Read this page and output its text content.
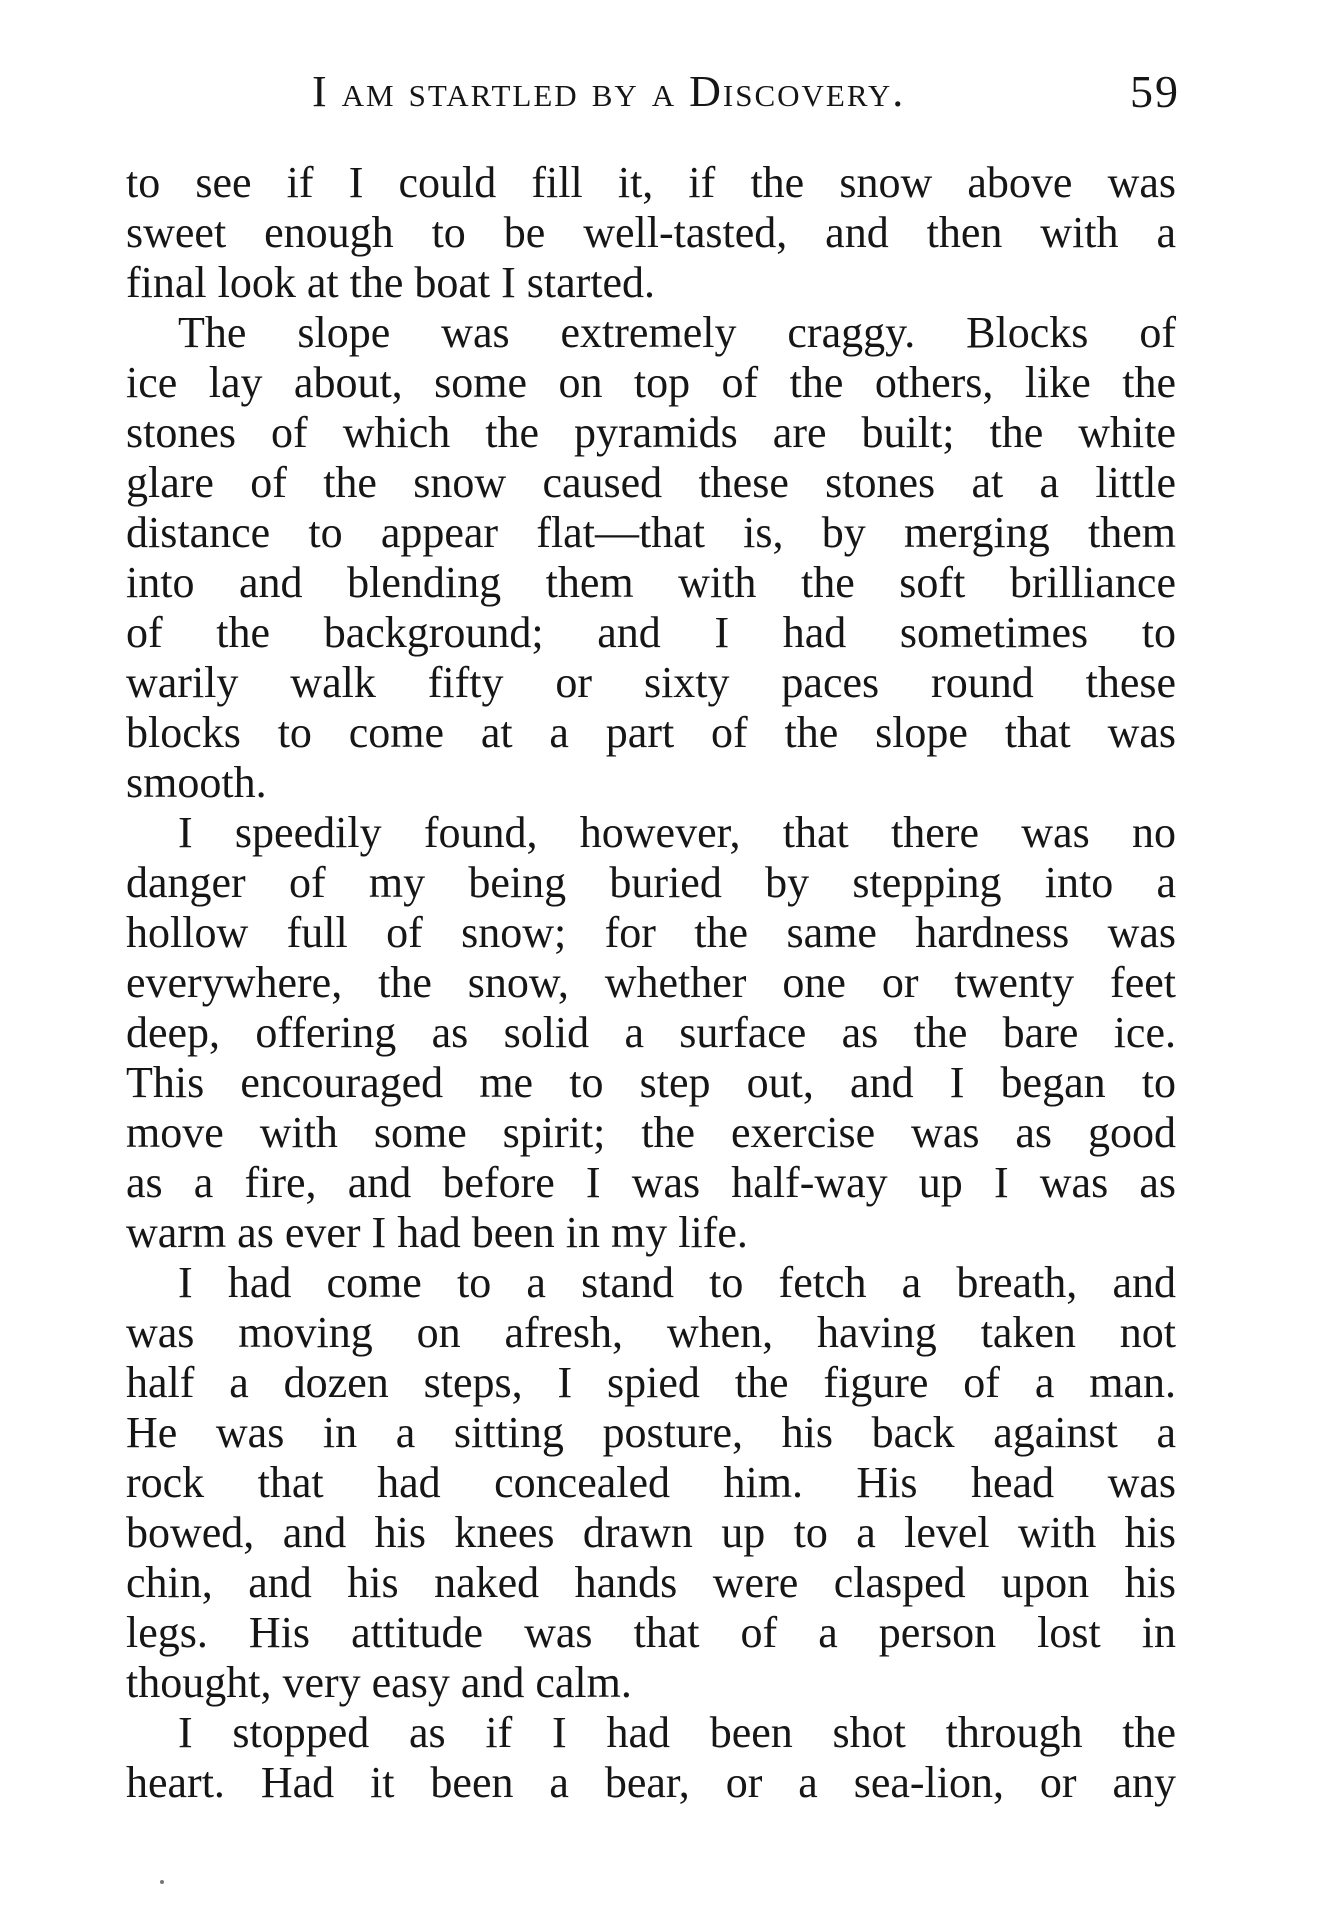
I am startled by a Discovery.	59
to see if I could fill it, if the snow above was
sweet enough to be well-tasted, and then with a
final look at the boat I started.
The slope was extremely craggy. Blocks of
ice lay about, some on top of the others, like the
stones of which the pyramids are built; the white
glare of the snow caused these stones at a little
distance to appear flat—that is, by merging them
into and blending them with the soft brilliance
of the background; and I had sometimes to
warily walk fifty or sixty paces round these
blocks to come at a part of the slope that was
smooth.
I speedily found, however, that there was no
danger of my being buried by stepping into a
hollow full of snow; for the same hardness was
everywhere, the snow, whether one or twenty feet
deep, offering as solid a surface as the bare ice.
This encouraged me to step out, and I began to
move with some spirit; the exercise was as good
as a fire, and before I was half-way up I was as
warm as ever I had been in my life.
I had come to a stand to fetch a breath, and
was moving on afresh, when, having taken not
half a dozen steps, I spied the figure of a man.
He was in a sitting posture, his back against a
rock that had concealed him. His head was
bowed, and his knees drawn up to a level with his
chin, and his naked hands were clasped upon his
legs. His attitude was that of a person lost in
thought, very easy and calm.
I stopped as if I had been shot through the
heart. Had it been a bear, or a sea-lion, or any
